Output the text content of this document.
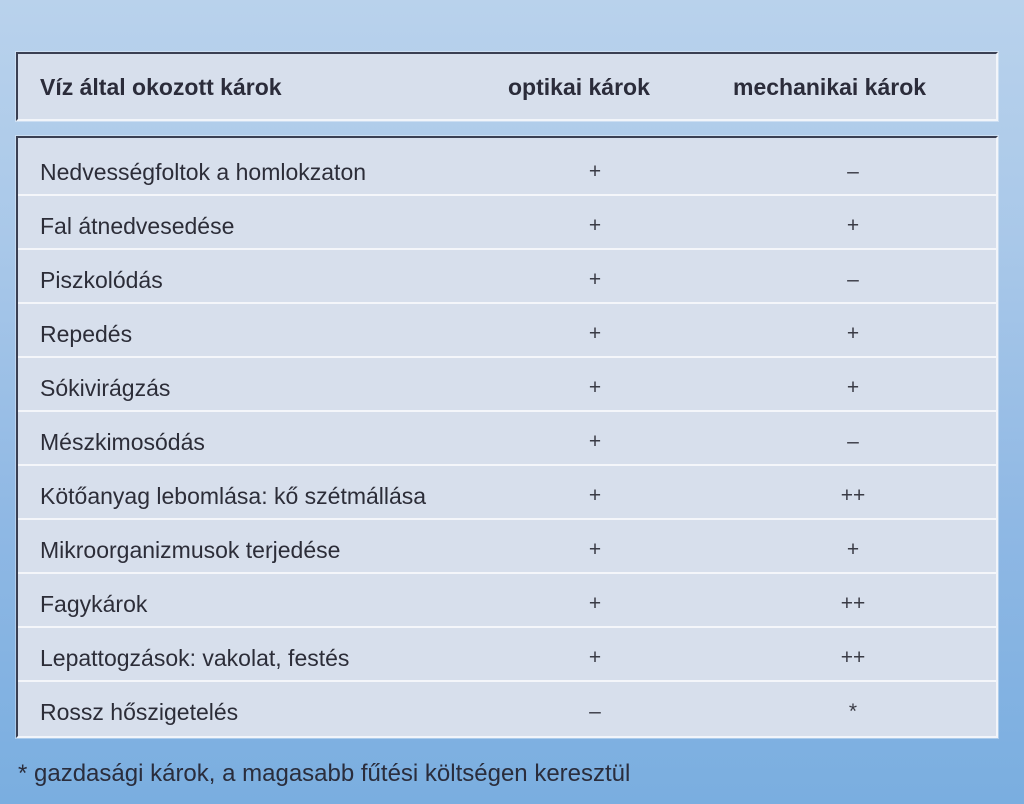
Víz által okozott károk	optikai károk	mechanikai károk
Nedvességfoltok a homlokzaton	+	–
Fal átnedvesedése	+	+
Piszkolódás	+	–
Repedés	+	+
Sókivirágzás	+	+
Mészkimosódás	+	–
Kötőanyag lebomlása: kő szétmállása	+	++
Mikroorganizmusok terjedése	+	+
Fagykárok	+	++
Lepattogzások: vakolat, festés	+	++
Rossz hőszigetelés	–	*
* gazdasági károk, a magasabb fűtési költségen keresztül
